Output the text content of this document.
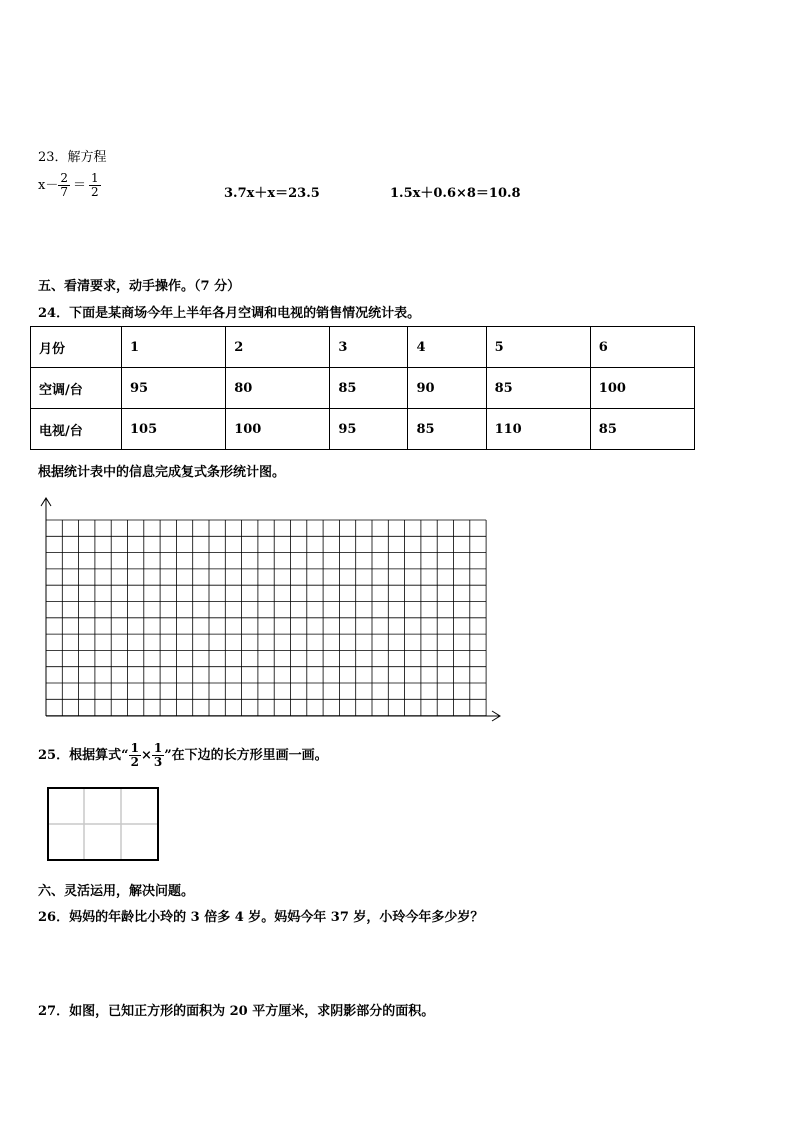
23．解方程
$x- \frac{2}{7} = \frac{1}{2}$	3.7x＋x＝23.5	1.5x＋0.6×8＝10.8
五、看清要求，动手操作。（7 分）
24．下面是某商场今年上半年各月空调和电视的销售情况统计表。
月份	1	2	3	4	5	6
空调/台	95	80	85	90	85	100
电视/台	105	100	95	85	110	85
根据统计表中的信息完成复式条形统计图。
25．根据算式“ $\frac{1}{2} \times \frac{1}{3}$ ”在下边的长方形里画一画。
六、灵活运用，解决问题。
26．妈妈的年龄比小玲的 3 倍多 4 岁。妈妈今年 37 岁，小玲今年多少岁？
27．如图，已知正方形的面积为 20 平方厘米，求阴影部分的面积。
